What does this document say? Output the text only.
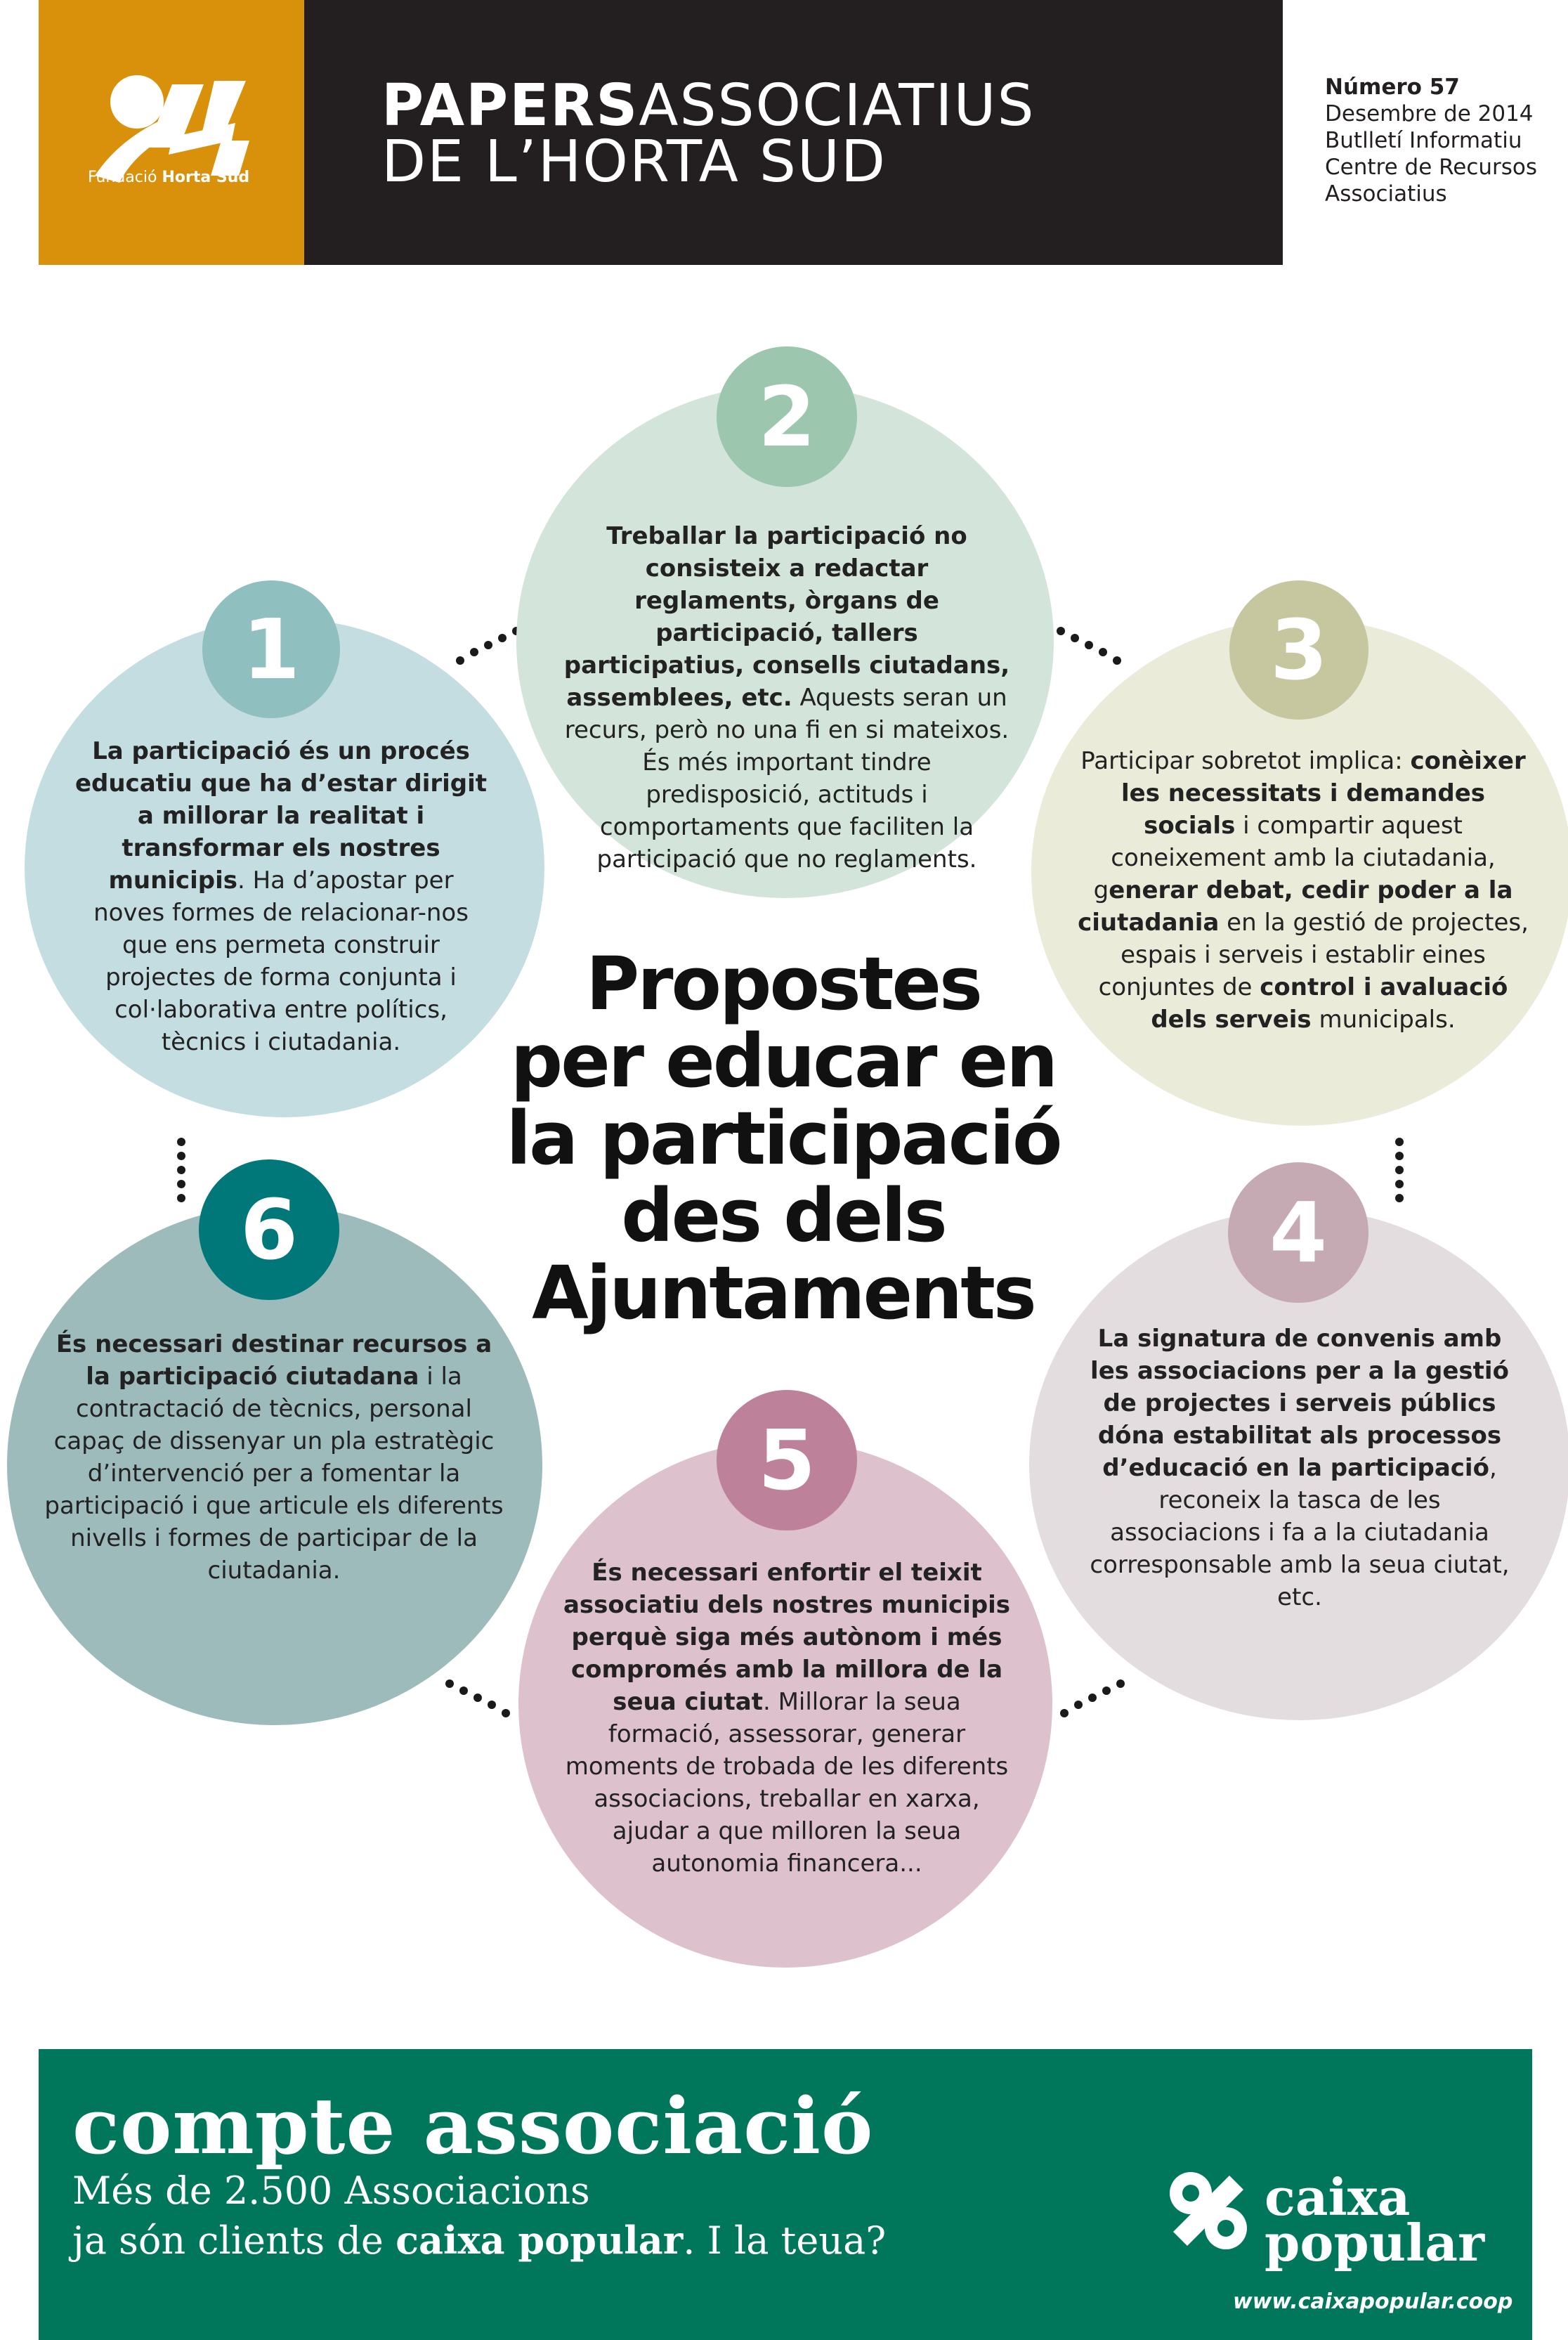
Fundació Horta Sud
PAPERSASSOCIATIUS
DE L’HORTA SUD
Número 57
Desembre de 2014
Butlletí Informatiu
Centre de Recursos
Associatius
1
La participació és un procés educatiu que ha d’estar dirigit a millorar la realitat i transformar els nostres municipis. Ha d’apostar per noves formes de relacionar-nos que ens permeta construir projectes de forma conjunta i col·laborativa entre polítics, tècnics i ciutadania.
2
Treballar la participació no consisteix a redactar reglaments, òrgans de participació, tallers participatius, consells ciutadans, assemblees, etc. Aquests seran un recurs, però no una fi en si mateixos. És més important tindre predisposició, actituds i comportaments que faciliten la participació que no reglaments.
3
Participar sobretot implica: conèixer les necessitats i demandes socials i compartir aquest coneixement amb la ciutadania, generar debat, cedir poder a la ciutadania en la gestió de projectes, espais i serveis i establir eines conjuntes de control i avaluació dels serveis municipals.
6
És necessari destinar recursos a la participació ciutadana i la contractació de tècnics, personal capaç de dissenyar un pla estratègic d’intervenció per a fomentar la participació i que articule els diferents nivells i formes de participar de la ciutadania.
4
La signatura de convenis amb les associacions per a la gestió de projectes i serveis públics dóna estabilitat als processos d’educació en la participació, reconeix la tasca de les associacions i fa a la ciutadania corresponsable amb la seua ciutat, etc.
5
És necessari enfortir el teixit associatiu dels nostres municipis perquè siga més autònom i més compromés amb la millora de la seua ciutat. Millorar la seua formació, assessorar, generar moments de trobada de les diferents associacions, treballar en xarxa, ajudar a que milloren la seua autonomia financera...
Propostes
per educar en
la participació
des dels
Ajuntaments
compte associació
Més de 2.500 Associacions
ja són clients de caixa popular. I la teua?
caixa
popular
www.caixapopular.coop
